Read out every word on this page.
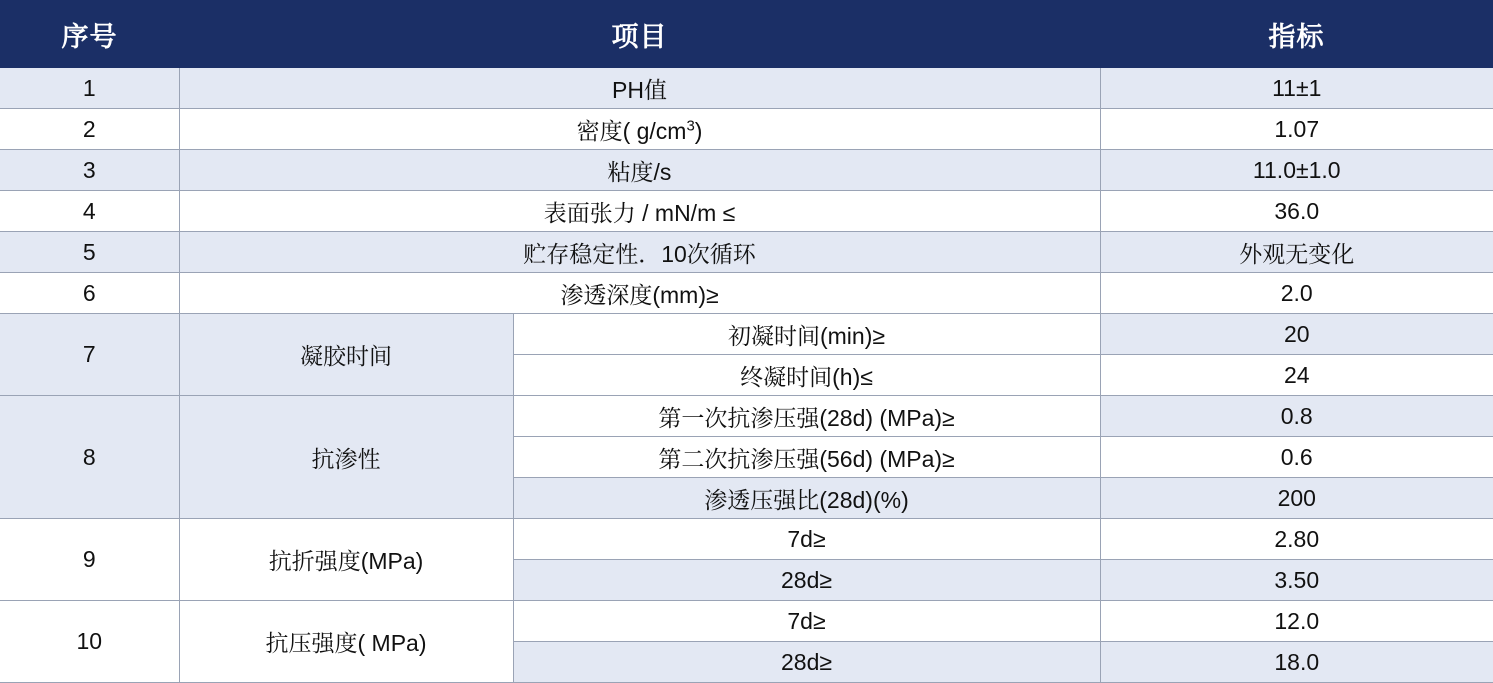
序号	项目		指标
1	PH值		11±1
2	密度( $g/cm^3$)		1.07
3	粘度/s		11.0±1.0
4	表面张力 / mN/m ≤		36.0
5	贮存稳定性．10次循环		外观无变化
6	渗透深度(mm)≥		2.0
7	凝胶时间	初凝时间(min)≥	20
		终凝时间(h)≤	24
8	抗渗性	第一次抗渗压强(28d) (MPa)≥	0.8
		第二次抗渗压强(56d) (MPa)≥	0.6
		渗透压强比(28d)(%)	200
9	抗折强度(MPa)	7d≥	2.80
		28d≥	3.50
10	抗压强度( MPa)	7d≥	12.0
		28d≥	18.0
